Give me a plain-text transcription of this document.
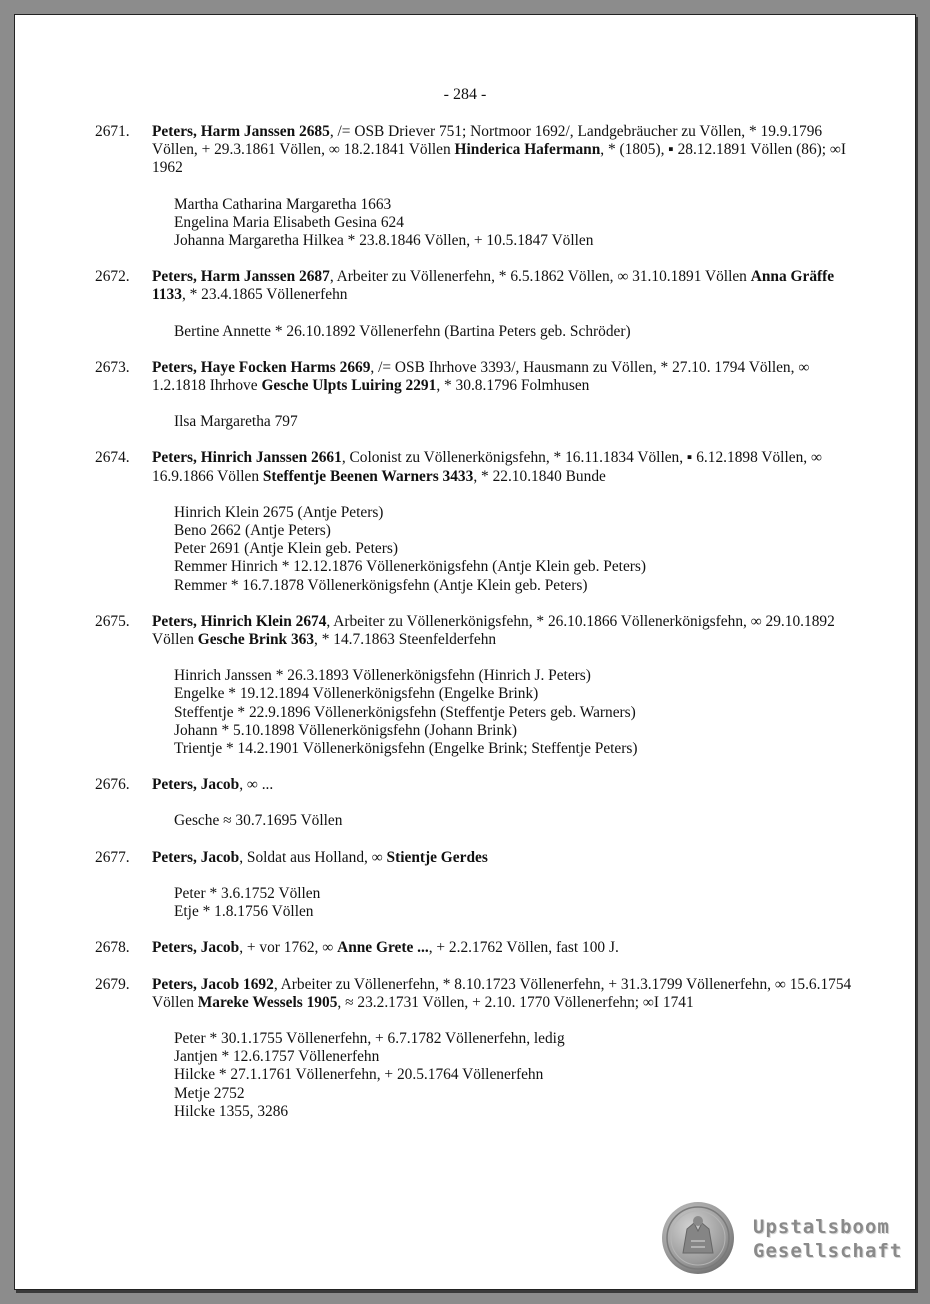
- 284 -
2671. Peters, Harm Janssen 2685, /= OSB Driever 751; Nortmoor 1692/, Landgebräucher zu Völlen, * 19.9.1796 Völlen, + 29.3.1861 Völlen, ∞ 18.2.1841 Völlen Hinderica Hafermann, * (1805), ▪ 28.12.1891 Völlen (86); ∞I 1962
Martha Catharina Margaretha 1663
Engelina Maria Elisabeth Gesina 624
Johanna Margaretha Hilkea * 23.8.1846 Völlen, + 10.5.1847 Völlen
2672. Peters, Harm Janssen 2687, Arbeiter zu Völlenerfehn, * 6.5.1862 Völlen, ∞ 31.10.1891 Völlen Anna Gräffe 1133, * 23.4.1865 Völlenerfehn
Bertine Annette * 26.10.1892 Völlenerfehn (Bartina Peters geb. Schröder)
2673. Peters, Haye Focken Harms 2669, /= OSB Ihrhove 3393/, Hausmann zu Völlen, * 27.10. 1794 Völlen, ∞ 1.2.1818 Ihrhove Gesche Ulpts Luiring 2291, * 30.8.1796 Folmhusen
Ilsa Margaretha 797
2674. Peters, Hinrich Janssen 2661, Colonist zu Völlenerkönigsfehn, * 16.11.1834 Völlen, ▪ 6.12.1898 Völlen, ∞ 16.9.1866 Völlen Steffentje Beenen Warners 3433, * 22.10.1840 Bunde
Hinrich Klein 2675 (Antje Peters)
Beno 2662 (Antje Peters)
Peter 2691 (Antje Klein geb. Peters)
Remmer Hinrich * 12.12.1876 Völlenerkönigsfehn (Antje Klein geb. Peters)
Remmer * 16.7.1878 Völlenerkönigsfehn (Antje Klein geb. Peters)
2675. Peters, Hinrich Klein 2674, Arbeiter zu Völlenerkönigsfehn, * 26.10.1866 Völlenerkönigsfehn, ∞ 29.10.1892 Völlen Gesche Brink 363, * 14.7.1863 Steenfelderfehn
Hinrich Janssen * 26.3.1893 Völlenerkönigsfehn (Hinrich J. Peters)
Engelke * 19.12.1894 Völlenerkönigsfehn (Engelke Brink)
Steffentje * 22.9.1896 Völlenerkönigsfehn (Steffentje Peters geb. Warners)
Johann * 5.10.1898 Völlenerkönigsfehn (Johann Brink)
Trientje * 14.2.1901 Völlenerkönigsfehn (Engelke Brink; Steffentje Peters)
2676. Peters, Jacob, ∞ ...
Gesche ≈ 30.7.1695 Völlen
2677. Peters, Jacob, Soldat aus Holland, ∞ Stientje Gerdes
Peter * 3.6.1752 Völlen
Etje * 1.8.1756 Völlen
2678. Peters, Jacob, + vor 1762, ∞ Anne Grete ..., + 2.2.1762 Völlen, fast 100 J.
2679. Peters, Jacob 1692, Arbeiter zu Völlenerfehn, * 8.10.1723 Völlenerfehn, + 31.3.1799 Völlenerfehn, ∞ 15.6.1754 Völlen Mareke Wessels 1905, ≈ 23.2.1731 Völlen, + 2.10. 1770 Völlenerfehn; ∞I 1741
Peter * 30.1.1755 Völlenerfehn, + 6.7.1782 Völlenerfehn, ledig
Jantjen * 12.6.1757 Völlenerfehn
Hilcke * 27.1.1761 Völlenerfehn, + 20.5.1764 Völlenerfehn
Metje 2752
Hilcke 1355, 3286
Upstalsboom
Gesellschaft
